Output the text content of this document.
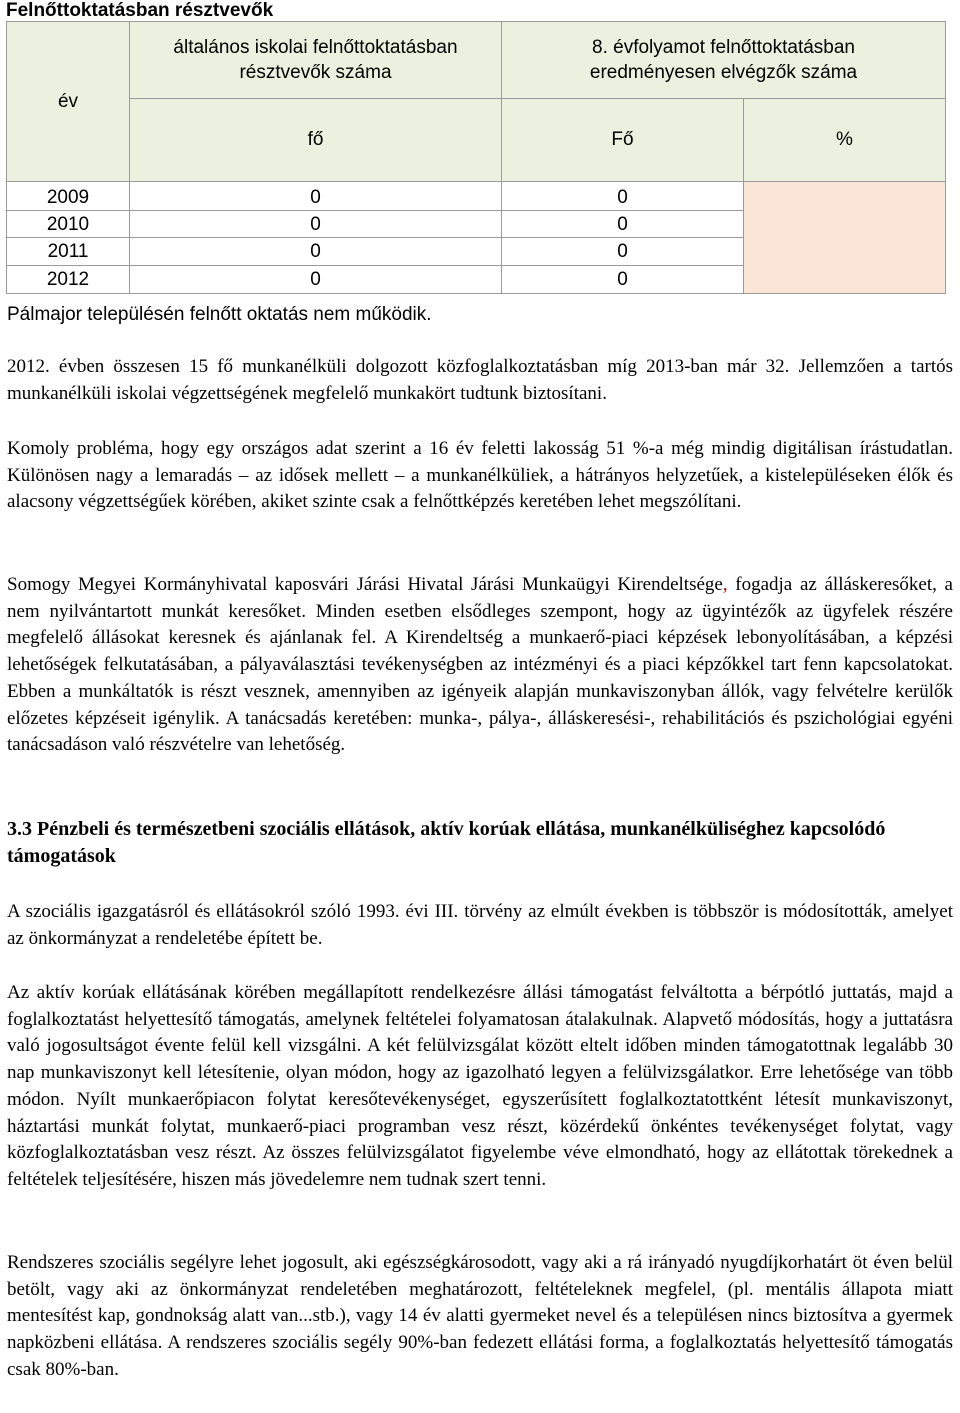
Felnőttoktatásban résztvevők
év	általános iskolai felnőttoktatásban résztvevők száma	8. évfolyamot felnőttoktatásban eredményesen elvégzők száma	
	fő	Fő	%
2009	0	0	
2010	0	0	
2011	0	0	
2012	0	0	
Pálmajor településén felnőtt oktatás nem működik.
2012. évben összesen 15 fő munkanélküli dolgozott közfoglalkoztatásban míg 2013-ban már 32. Jellemzően a tartós munkanélküli iskolai végzettségének megfelelő munkakört tudtunk biztosítani.
Komoly probléma, hogy egy országos adat szerint a 16 év feletti lakosság 51 %-a még mindig digitálisan írástudatlan. Különösen nagy a lemaradás – az idősek mellett – a munkanélküliek, a hátrányos helyzetűek, a kistelepüléseken élők és alacsony végzettségűek körében, akiket szinte csak a felnőttképzés keretében lehet megszólítani.
Somogy Megyei Kormányhivatal kaposvári Járási Hivatal Járási Munkaügyi Kirendeltsége, fogadja az álláskeresőket, a nem nyilvántartott munkát keresőket. Minden esetben elsődleges szempont, hogy az ügyintézők az ügyfelek részére megfelelő állásokat keresnek és ajánlanak fel. A Kirendeltség a munkaerő-piaci képzések lebonyolításában, a képzési lehetőségek felkutatásában, a pályaválasztási tevékenységben az intézményi és a piaci képzőkkel tart fenn kapcsolatokat. Ebben a munkáltatók is részt vesznek, amennyiben az igényeik alapján munkaviszonyban állók, vagy felvételre kerülők előzetes képzéseit igénylik. A tanácsadás keretében: munka-, pálya-, álláskeresési-, rehabilitációs és pszichológiai egyéni tanácsadáson való részvételre van lehetőség.
3.3 Pénzbeli és természetbeni szociális ellátások, aktív korúak ellátása, munkanélküliséghez kapcsolódó támogatások
A szociális igazgatásról és ellátásokról szóló 1993. évi III. törvény az elmúlt években is többször is módosították, amelyet az önkormányzat a rendeletébe épített be.
Az aktív korúak ellátásának körében megállapított rendelkezésre állási támogatást felváltotta a bérpótló juttatás, majd a foglalkoztatást helyettesítő támogatás, amelynek feltételei folyamatosan átalakulnak. Alapvető módosítás, hogy a juttatásra való jogosultságot évente felül kell vizsgálni. A két felülvizsgálat között eltelt időben minden támogatottnak legalább 30 nap munkaviszonyt kell létesítenie, olyan módon, hogy az igazolható legyen a felülvizsgálatkor. Erre lehetősége van több módon. Nyílt munkaerőpiacon folytat keresőtevékenységet, egyszerűsített foglalkoztatottként létesít munkaviszonyt, háztartási munkát folytat, munkaerő-piaci programban vesz részt, közérdekű önkéntes tevékenységet folytat, vagy közfoglalkoztatásban vesz részt. Az összes felülvizsgálatot figyelembe véve elmondható, hogy az ellátottak törekednek a feltételek teljesítésére, hiszen más jövedelemre nem tudnak szert tenni.
Rendszeres szociális segélyre lehet jogosult, aki egészségkárosodott, vagy aki a rá irányadó nyugdíjkorhatárt öt éven belül betölt, vagy aki az önkormányzat rendeletében meghatározott, feltételeknek megfelel, (pl. mentális állapota miatt mentesítést kap, gondnokság alatt van...stb.), vagy 14 év alatti gyermeket nevel és a településen nincs biztosítva a gyermek napközbeni ellátása. A rendszeres szociális segély 90%-ban fedezett ellátási forma, a foglalkoztatás helyettesítő támogatás csak 80%-ban.
